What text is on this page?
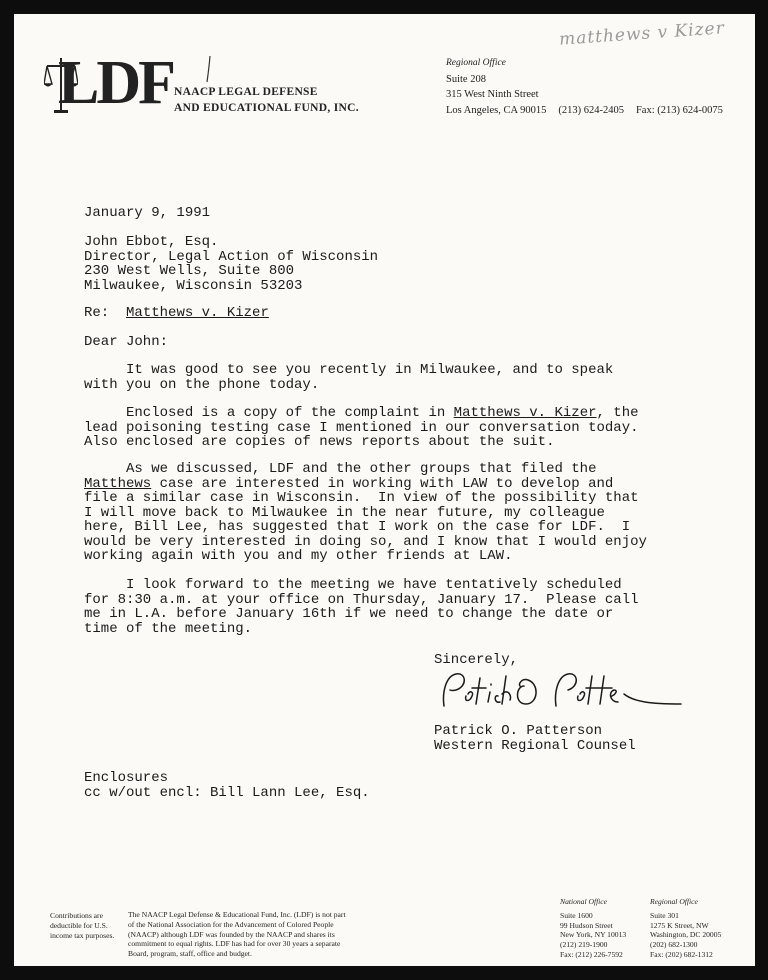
matthews v Kizer
LDF NAACP LEGAL DEFENSE
AND EDUCATIONAL FUND, INC.
Regional Office
Suite 208
315 West Ninth Street
Los Angeles, CA 90015 (213) 624-2405 Fax: (213) 624-0075
January 9, 1991
John Ebbot, Esq.
Director, Legal Action of Wisconsin
230 West Wells, Suite 800
Milwaukee, Wisconsin 53203
Re: Matthews v. Kizer
Dear John:
It was good to see you recently in Milwaukee, and to speak
with you on the phone today.
Enclosed is a copy of the complaint in Matthews v. Kizer, the
lead poisoning testing case I mentioned in our conversation today.
Also enclosed are copies of news reports about the suit.
As we discussed, LDF and the other groups that filed the
Matthews case are interested in working with LAW to develop and
file a similar case in Wisconsin.  In view of the possibility that
I will move back to Milwaukee in the near future, my colleague
here, Bill Lee, has suggested that I work on the case for LDF.  I
would be very interested in doing so, and I know that I would enjoy
working again with you and my other friends at LAW.
I look forward to the meeting we have tentatively scheduled
for 8:30 a.m. at your office on Thursday, January 17.  Please call
me in L.A. before January 16th if we need to change the date or
time of the meeting.
Sincerely,
Patrick O. Patterson
Western Regional Counsel
Enclosures
cc w/out encl: Bill Lann Lee, Esq.
Contributions are
deductible for U.S.
income tax purposes.
The NAACP Legal Defense & Educational Fund, Inc. (LDF) is not part
of the National Association for the Advancement of Colored People
(NAACP) although LDF was founded by the NAACP and shares its
commitment to equal rights. LDF has had for over 30 years a separate
Board, program, staff, office and budget.
National Office
Suite 1600
99 Hudson Street
New York, NY 10013
(212) 219-1900
Fax: (212) 226-7592
Regional Office
Suite 301
1275 K Street, NW
Washington, DC 20005
(202) 682-1300
Fax: (202) 682-1312
